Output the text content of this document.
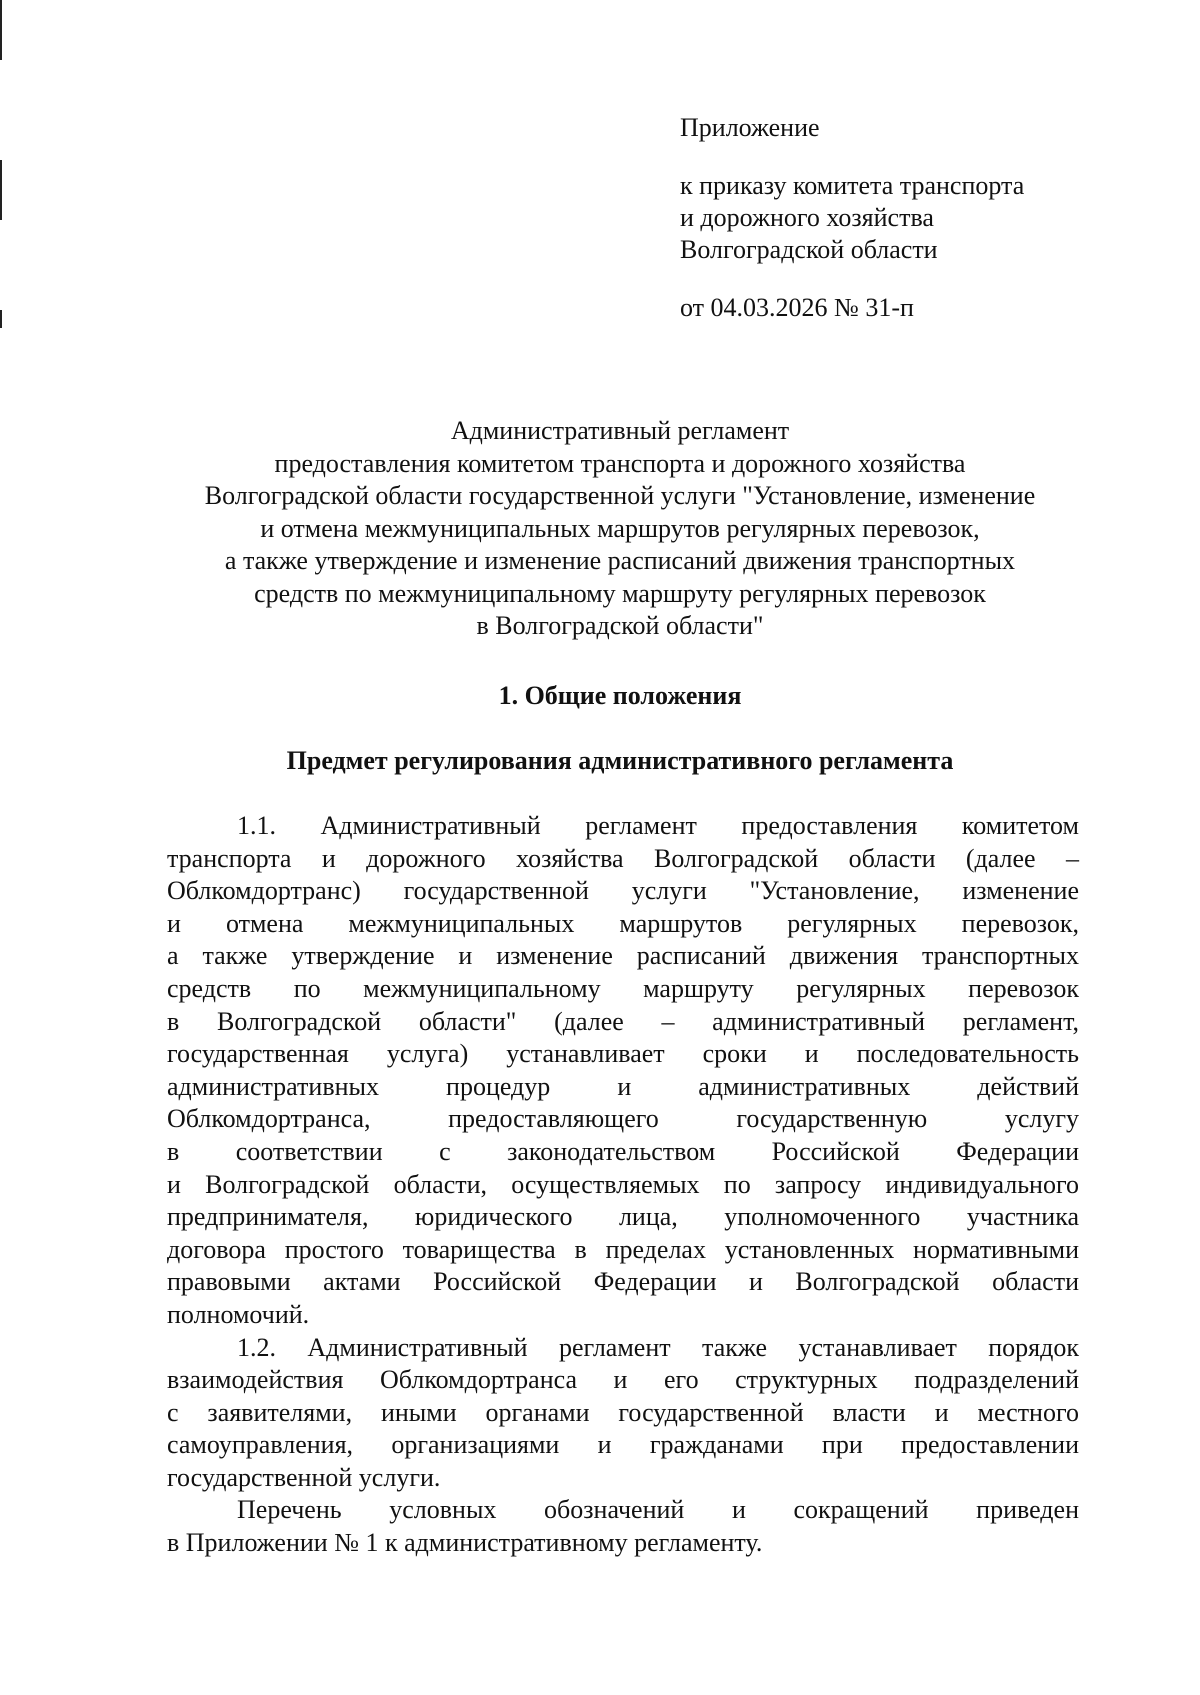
Приложение

к приказу комитета транспорта

и дорожного хозяйства

Волгоградской области

от 04.03.2026 № 31-п

Административный регламент
предоставления комитетом транспорта и дорожного хозяйства
Волгоградской области государственной услуги "Установление, изменение
и отмена межмуниципальных маршрутов регулярных перевозок,
а также утверждение и изменение расписаний движения транспортных
средств по межмуниципальному маршруту регулярных перевозок
в Волгоградской области"
1. Общие положения
Предмет регулирования административного регламента
1.1. Административный регламент предоставления комитетом
транспорта и дорожного хозяйства Волгоградской области (далее –
Облкомдортранс) государственной услуги "Установление, изменение
и отмена межмуниципальных маршрутов регулярных перевозок,
а также утверждение и изменение расписаний движения транспортных
средств по межмуниципальному маршруту регулярных перевозок
в Волгоградской области" (далее – административный регламент,
государственная услуга) устанавливает сроки и последовательность
административных процедур и административных действий
Облкомдортранса, предоставляющего государственную услугу
в соответствии с законодательством Российской Федерации
и Волгоградской области, осуществляемых по запросу индивидуального
предпринимателя, юридического лица, уполномоченного участника
договора простого товарищества в пределах установленных нормативными
правовыми актами Российской Федерации и Волгоградской области
полномочий.
1.2. Административный регламент также устанавливает порядок
взаимодействия Облкомдортранса и его структурных подразделений
с заявителями, иными органами государственной власти и местного
самоуправления, организациями и гражданами при предоставлении
государственной услуги.
Перечень условных обозначений и сокращений приведен
в Приложении № 1 к административному регламенту.
